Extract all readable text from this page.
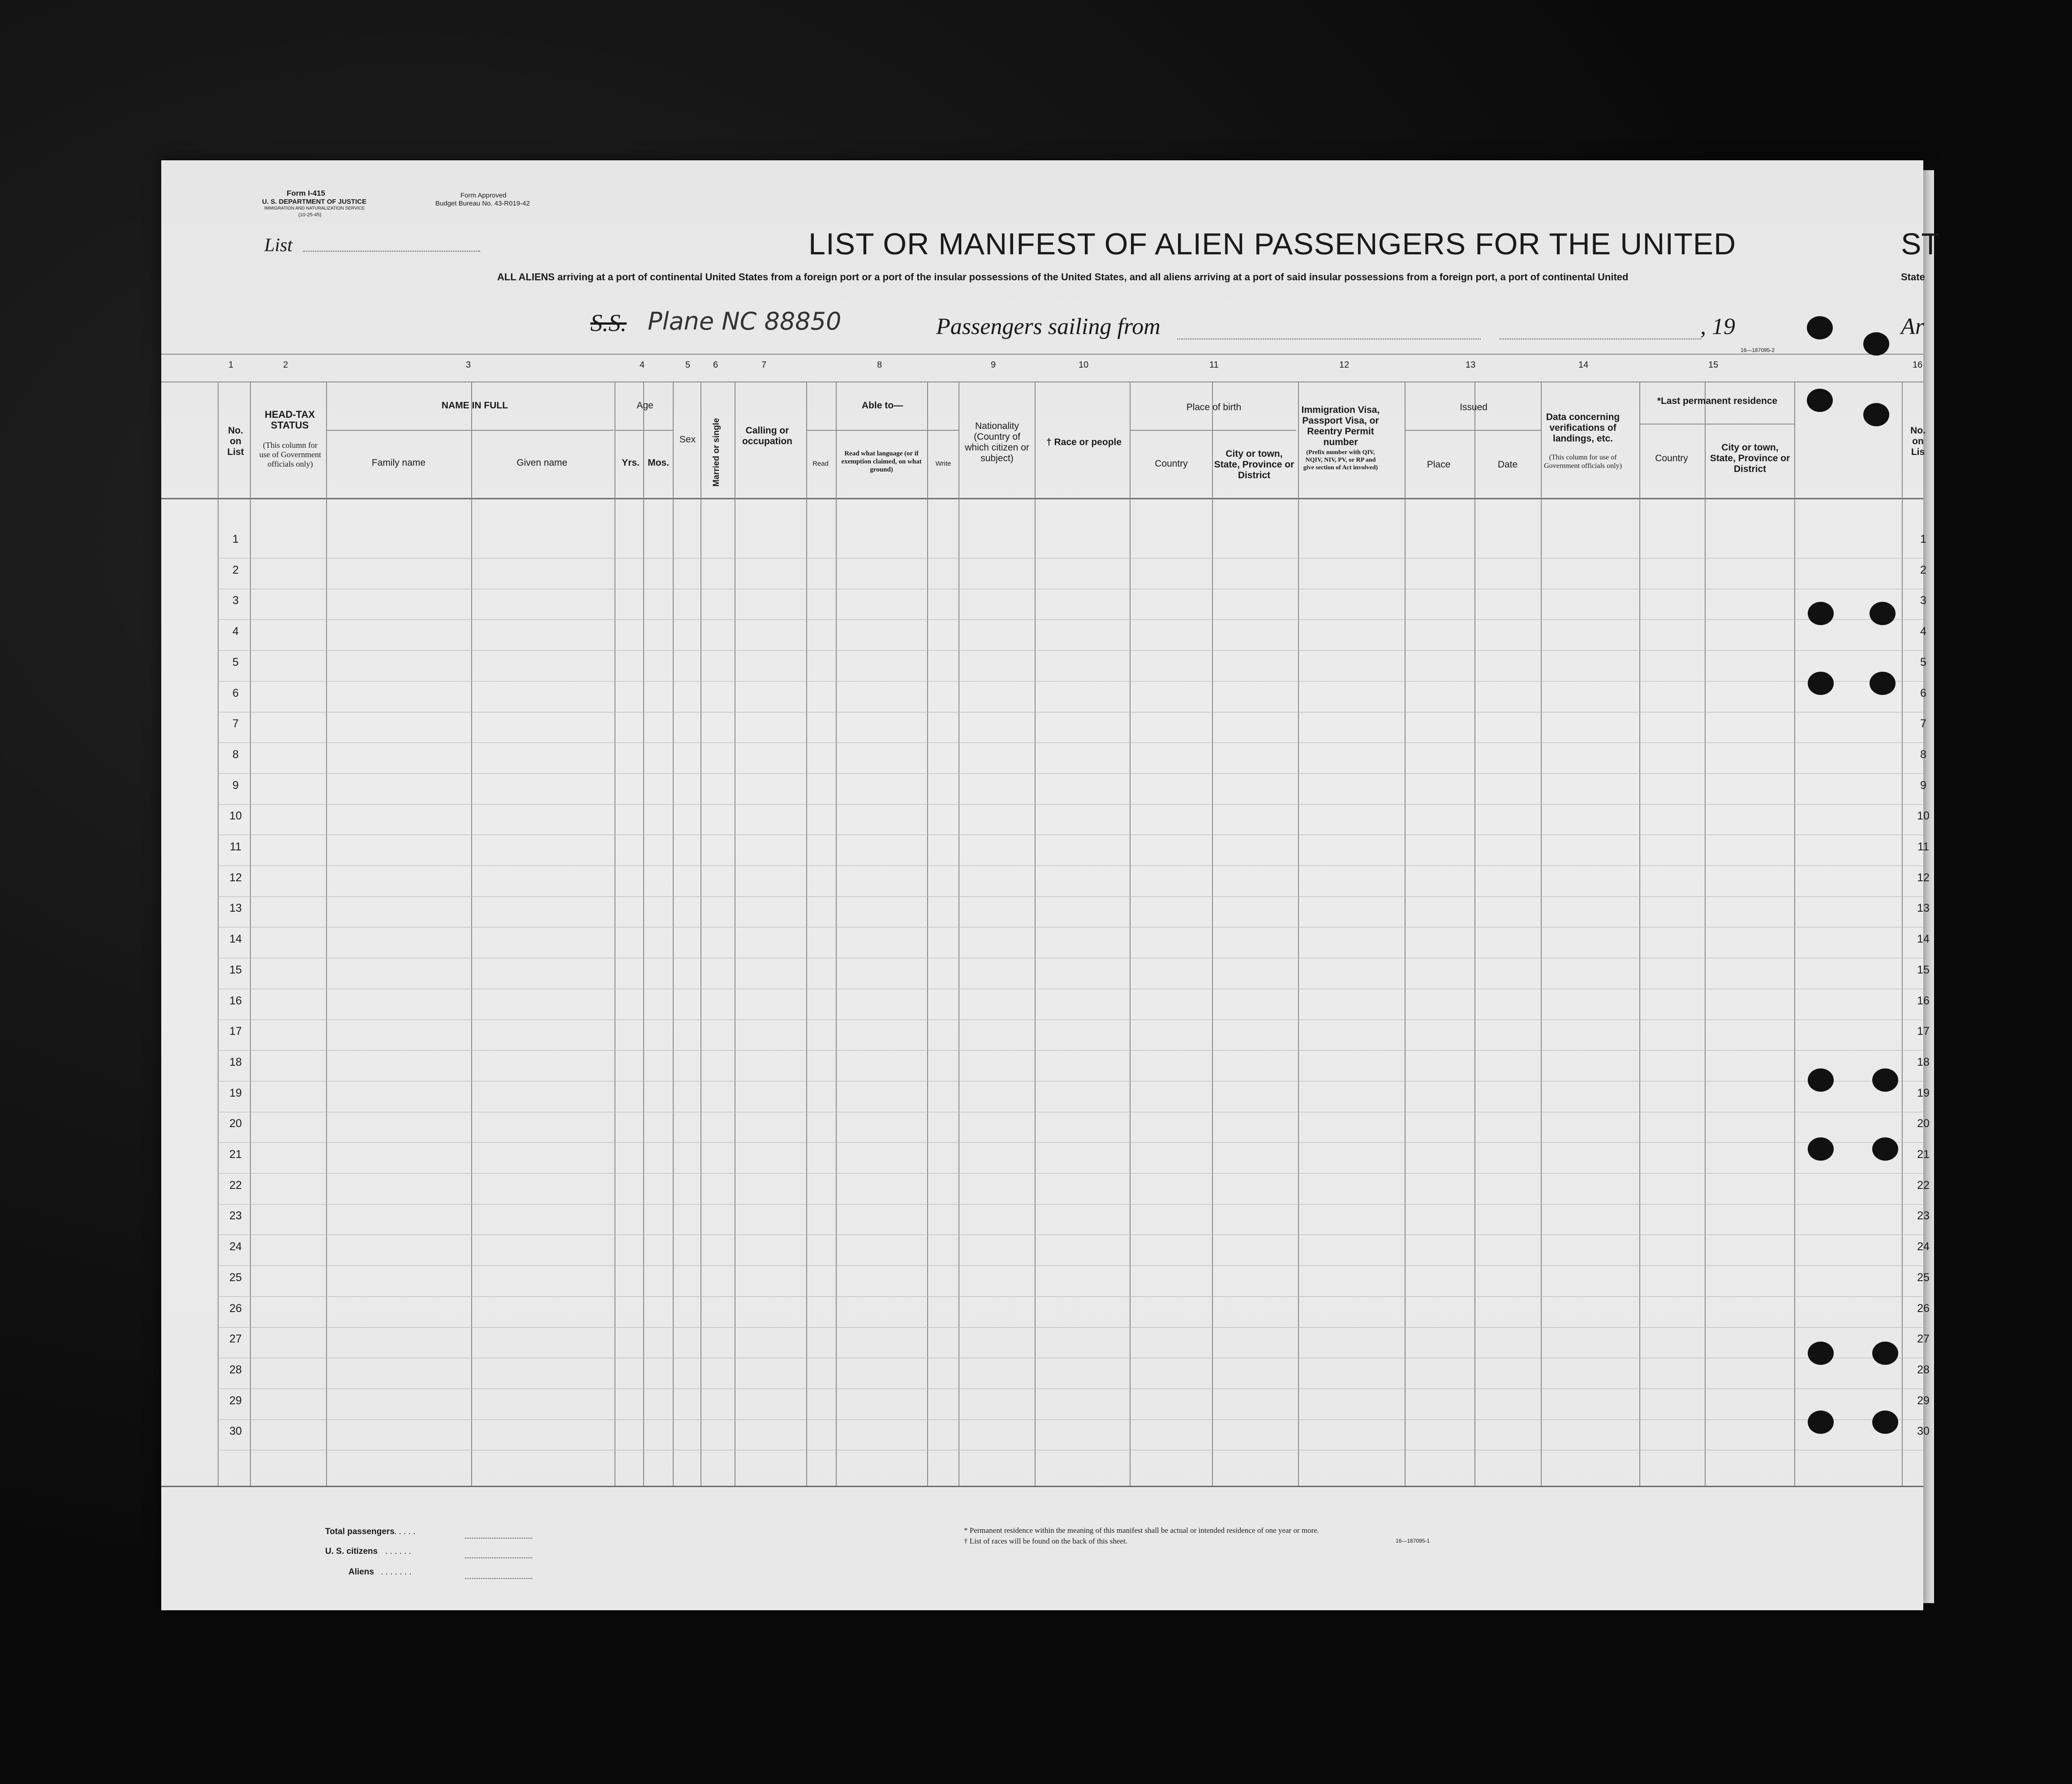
Form I-415
U. S. DEPARTMENT OF JUSTICE
IMMIGRATION AND NATURALIZATION SERVICE
(10-25-45)
Form Approved
Budget Bureau No. 43-R019-42
List	LIST OR MANIFEST OF ALIEN PASSENGERS FOR THE UNITED	ST
ALL ALIENS arriving at a port of continental United States from a foreign port or a port of the insular possessions of the United States, and all aliens arriving at a port of said insular possessions from a foreign port, a port of continental United	State
S.S. Plane NC 88850	Passengers sailing from	, 19	Ar
16—187095-2
1	2	3	4	5	6	7	8	9	10	11	12	13	14	15	16
No. on List
HEAD-TAX STATUS
(This column for use of Government officials only)
NAME IN FULL
Family name	Given name
Age
Yrs. Mos.
Sex	Married or single	Calling or occupation
Able to—
Read
Read what language (or if exemption claimed, on what ground)
Write
Nationality (Country of which citizen or subject)
† Race or people
Place of birth
Country
City or town, State, Province or District
Immigration Visa, Passport Visa, or Reentry Permit number
(Prefix number with QIV, NQIV, NIV, PV, or RP and give section of Act involved)
Issued
Place	Date
Data concerning verifications of landings, etc.
(This column for use of Government officials only)
*Last permanent residence
Country
City or town, State, Province or District
No. on Lis
1	1
2	2
3	3
4	4
5	5
6	6
7	7
8	8
9	9
10	10
11	11
12	12
13	13
14	14
15	15
16	16
17	17
18	18
19	19
20	20
21	21
22	22
23	23
24	24
25	25
26	26
27	27
28	28
29	29
30	30
Total passengers . . . . .
U. S. citizens . . . . . .
Aliens . . . . . . .
* Permanent residence within the meaning of this manifest shall be actual or intended residence of one year or more.
† List of races will be found on the back of this sheet.	16—187095-1
